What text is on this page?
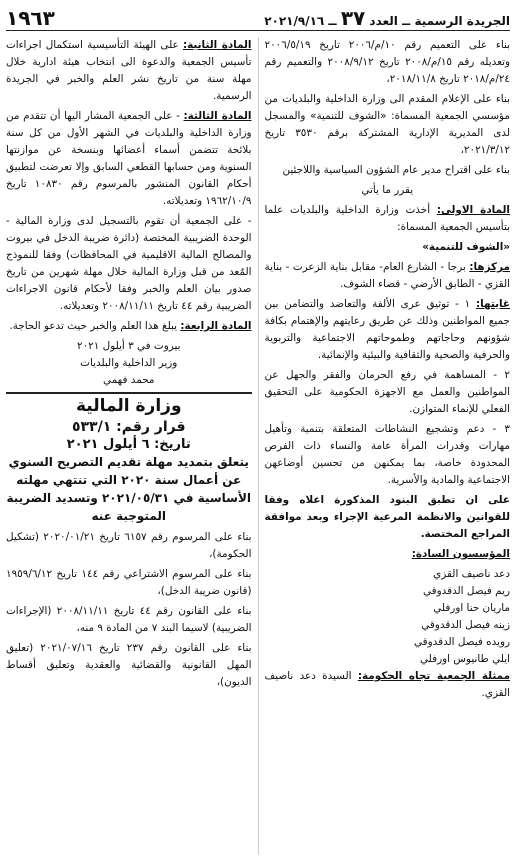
الجريدة الرسمية ــ العدد ٣٧ ــ ٢٠٢١/٩/١٦
١٩٦٣

بناء على التعميم رقم ١٠/م/٢٠٠٦ تاريخ ٢٠٠٦/٥/١٩ وتعديله رقم ١٥/م/٢٠٠٨ تاريخ ٢٠٠٨/٩/١٢ والتعميم رقم ٢٤/م/٢٠١٨ تاريخ ٢٠١٨/١١/٨،

بناء على الإعلام المقدم الى وزارة الداخلية والبلديات من مؤسسي الجمعية المسماة: «الشوف للتنمية» والمسجل لدى المديرية الإدارية المشتركة برقم ٣٥٣٠ تاريخ ٢٠٢١/٣/١٢،

بناء على اقتراح مدير عام الشؤون السياسية واللاجئين

يقرر ما يأتي

المادة الاولى: أخذت وزارة الداخلية والبلديات علما بتأسيس الجمعية المسماة:

«الشوف للتنمية»

مركزها: برجا - الشارع العام- مقابل بناية الزعرت - بناية القزي - الطابق الأرضي - قضاء الشوف.

غايتها: ١ - توثيق عرى الألفة والتعاضد والتضامن بين جميع المواطنين وذلك عن طريق رعايتهم والإهتمام بكافة شؤونهم وحاجاتهم وطموحاتهم الاجتماعية والتربوية والحرفية والصحية والثقافية والبيئية والإنمائية.

٢ - المساهمة في رفع الحرمان والفقر والجهل عن المواطنين والعمل مع الاجهزة الحكومية على التحقيق الفعلي للإنماء المتوازن.

٣ - دعم وتشجيع النشاطات المتعلقة بتنمية وتأهيل مهارات وقدرات المرأة عامة والنساء ذات الفرص المحدودة خاصة، بما يمكنهن من تحسين أوضاعهن الاجتماعية والمادية والأسرية.

على ان تطبق البنود المذكورة اعلاه وفقا للقوانين والانظمة المرعية الإجراء وبعد موافقة المراجع المختصة.

المؤسسون السادة:

دعد ناصيف القزي

ريم فيصل الدقدوقي

ماريان حنا اورفلي

زينه فيصل الدقدوقي

رويده فيصل الدقدوقي

ايلي طانيوس اورفلي

ممثلة الجمعية تجاه الحكومة: السيدة دعد ناصيف القزي.

المادة الثانية: على الهيئة التأسيسية استكمال اجراءات تأسيس الجمعية والدعوة الى انتخاب هيئة ادارية خلال مهلة سنة من تاريخ نشر العلم والخبر في الجريدة الرسمية.

المادة الثالثة: - على الجمعية المشار اليها أن تتقدم من وزارة الداخلية والبلديات في الشهر الأول من كل سنة بلائحة تتضمن أسماء أعضائها وبنسخة عن موازنتها السنوية ومن حسابها القطعي السابق وإلا تعرضت لتطبيق أحكام القانون المنشور بالمرسوم رقم ١٠٨٣٠ تاريخ ١٩٦٢/١٠/٩ وتعديلاته.

- على الجمعية أن تقوم بالتسجيل لدى وزارة المالية - الوحدة الضريبية المختصة (دائرة ضريبة الدخل في بيروت والمصالح المالية الاقليمية في المحافظات) وفقا للنموذج المُعد من قبل وزارة المالية خلال مهلة شهرين من تاريخ صدور بيان العلم والخبر وفقا لأحكام قانون الاجراءات الضريبية رقم ٤٤ تاريخ ٢٠٠٨/١١/١١ وتعديلاته.

المادة الرابعة: يبلغ هذا العلم والخبر حيث تدعو الحاجة.

بيروت في ٣ أيلول ٢٠٢١

وزير الداخلية والبلديات

محمد فهمي

وزارة المالية
قرار رقم: ٥٣٣/١
تاريخ: ٦ أيلول ٢٠٢١
يتعلق بتمديد مهلة تقديم التصريح السنوي عن أعمال سنة ٢٠٢٠ التي تنتهي مهلته الأساسية في ٢٠٢١/٠٥/٣١ وتسديد الضريبة المتوجبة عنه

بناء على المرسوم رقم ٦١٥٧ تاريخ ٢٠٢٠/٠١/٢١ (تشكيل الحكومة)،

بناء على المرسوم الاشتراعي رقم ١٤٤ تاريخ ١٩٥٩/٦/١٢ (قانون ضريبة الدخل)،

بناء على القانون رقم ٤٤ تاريخ ٢٠٠٨/١١/١١ (الإجراءات الضريبية) لاسيما البند ٧ من المادة ٩ منه،

بناء على القانون رقم ٢٣٧ تاريخ ٢٠٢١/٠٧/١٦ (تعليق المهل القانونية والقضائية والعقدية وتعليق أقساط الديون)،
